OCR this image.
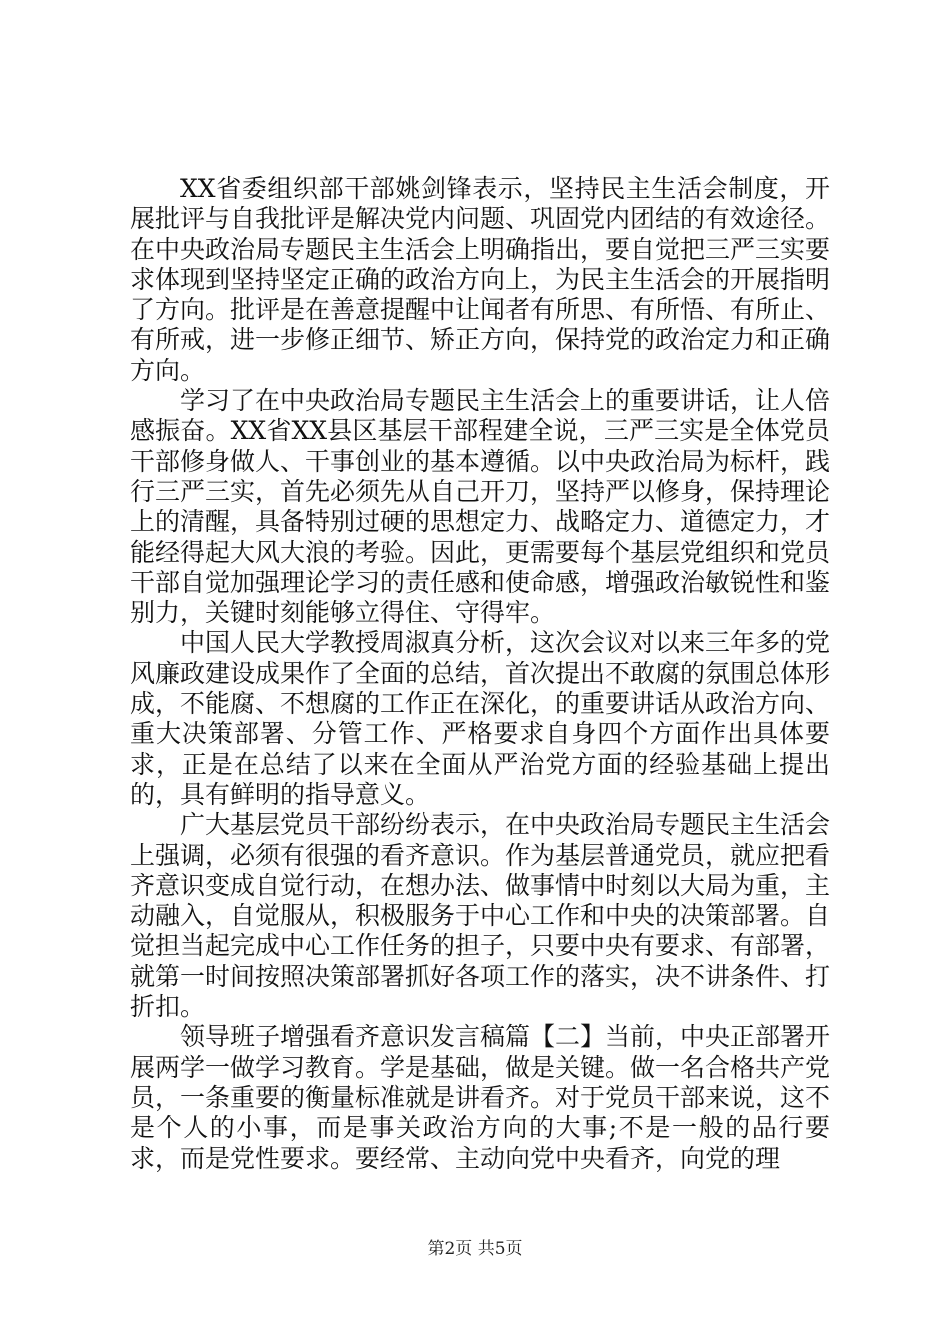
XX省委组织部干部姚剑锋表示，坚持民主生活会制度，开展批评与自我批评是解决党内问题、巩固党内团结的有效途径。在中央政治局专题民主生活会上明确指出，要自觉把三严三实要求体现到坚持坚定正确的政治方向上，为民主生活会的开展指明了方向。批评是在善意提醒中让闻者有所思、有所悟、有所止、有所戒，进一步修正细节、矫正方向，保持党的政治定力和正确方向。

学习了在中央政治局专题民主生活会上的重要讲话，让人倍感振奋。XX省XX县区基层干部程建全说，三严三实是全体党员干部修身做人、干事创业的基本遵循。以中央政治局为标杆，践行三严三实，首先必须先从自己开刀，坚持严以修身，保持理论上的清醒，具备特别过硬的思想定力、战略定力、道德定力，才能经得起大风大浪的考验。因此，更需要每个基层党组织和党员干部自觉加强理论学习的责任感和使命感，增强政治敏锐性和鉴别力，关键时刻能够立得住、守得牢。

中国人民大学教授周淑真分析，这次会议对以来三年多的党风廉政建设成果作了全面的总结，首次提出不敢腐的氛围总体形成，不能腐、不想腐的工作正在深化，的重要讲话从政治方向、重大决策部署、分管工作、严格要求自身四个方面作出具体要求，正是在总结了以来在全面从严治党方面的经验基础上提出的，具有鲜明的指导意义。

广大基层党员干部纷纷表示，在中央政治局专题民主生活会上强调，必须有很强的看齐意识。作为基层普通党员，就应把看齐意识变成自觉行动，在想办法、做事情中时刻以大局为重，主动融入，自觉服从，积极服务于中心工作和中央的决策部署。自觉担当起完成中心工作任务的担子，只要中央有要求、有部署，就第一时间按照决策部署抓好各项工作的落实，决不讲条件、打折扣。

领导班子增强看齐意识发言稿篇【二】当前，中央正部署开展两学一做学习教育。学是基础，做是关键。做一名合格共产党员，一条重要的衡量标准就是讲看齐。对于党员干部来说，这不是个人的小事，而是事关政治方向的大事;不是一般的品行要求，而是党性要求。要经常、主动向党中央看齐，向党的理

第2页 共5页
